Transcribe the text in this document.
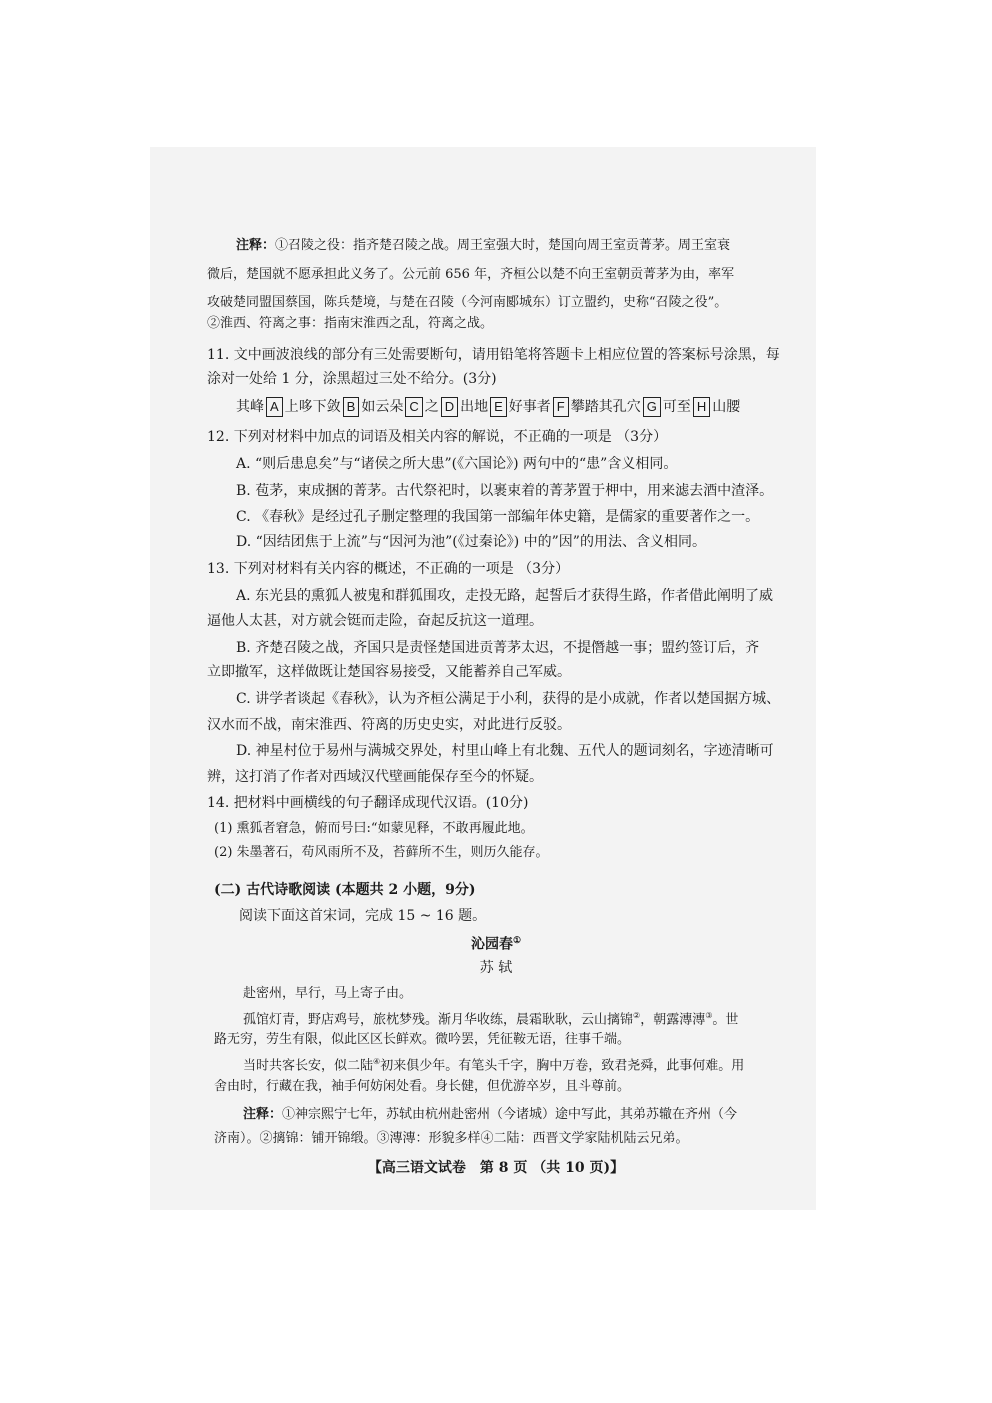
注释：①召陵之役：指齐楚召陵之战。周王室强大时，楚国向周王室贡菁茅。周王室衰
微后，楚国就不愿承担此义务了。公元前 656 年，齐桓公以楚不向王室朝贡菁茅为由，率军
攻破楚同盟国蔡国，陈兵楚境，与楚在召陵（今河南郾城东）订立盟约，史称“召陵之役”。
②淮西、符离之事：指南宋淮西之乱，符离之战。
11. 文中画波浪线的部分有三处需要断句，请用铅笔将答题卡上相应位置的答案标号涂黑，每
涂对一处给 1 分，涂黑超过三处不给分。(3分)
其峰 A 上哆下敛 B 如云朵 C 之 D 出地 E 好事者 F 攀踏其孔穴 G 可至 H 山腰
12. 下列对材料中加点的词语及相关内容的解说，不正确的一项是 （3分）
A. “则后患息矣”与“诸侯之所大患”(《六国论》) 两句中的“患”含义相同。
B. 苞茅，束成捆的菁茅。古代祭祀时，以裹束着的菁茅置于柙中，用来滤去酒中渣泽。
C. 《春秋》是经过孔子删定整理的我国第一部编年体史籍，是儒家的重要著作之一。
D. “因结团焦于上流”与“因河为池”(《过秦论》) 中的”因”的用法、含义相同。
13. 下列对材料有关内容的概述，不正确的一项是 （3分）
A. 东光县的熏狐人被鬼和群狐围攻，走投无路，起誓后才获得生路，作者借此阐明了威
逼他人太甚，对方就会铤而走险，奋起反抗这一道理。
B. 齐楚召陵之战，齐国只是责怪楚国进贡菁茅太迟，不提僭越一事；盟约签订后，齐
立即撤军，这样做既让楚国容易接受，又能蓄养自己军威。
C. 讲学者谈起《春秋》，认为齐桓公满足于小利，获得的是小成就，作者以楚国据方城、
汉水而不战，南宋淮西、符离的历史史实，对此进行反驳。
D. 神星村位于易州与满城交界处，村里山峰上有北魏、五代人的题词刻名，字迹清晰可
辨，这打消了作者对西域汉代壁画能保存至今的怀疑。
14. 把材料中画横线的句子翻译成现代汉语。(10分)
(1) 熏狐者窘急，俯而号曰:“如蒙见释，不敢再履此地。
(2) 朱墨著石，苟风雨所不及，苔藓所不生，则历久能存。
(二) 古代诗歌阅读 (本题共 2 小题，9分)
阅读下面这首宋词，完成 15 ~ 16 题。
沁园春①
苏 轼
赴密州，早行，马上寄子由。
孤馆灯青，野店鸡号，旅枕梦残。渐月华收练，晨霜耿耿，云山摛锦②，朝露漙漙③。世
路无穷，劳生有限，似此区区长鲜欢。微吟罢，凭征鞍无语，往事千端。
当时共客长安，似二陆④初来俱少年。有笔头千字，胸中万卷，致君尧舜，此事何难。用
舍由时，行藏在我，袖手何妨闲处看。身长健，但优游卒岁，且斗尊前。
注释：①神宗熙宁七年，苏轼由杭州赴密州（今诸城）途中写此，其弟苏辙在齐州（今
济南）。②摛锦：铺开锦缎。③漙漙：形貌多样④二陆：西晋文学家陆机陆云兄弟。
【高三语文试卷　第 8 页 （共 10 页)】
